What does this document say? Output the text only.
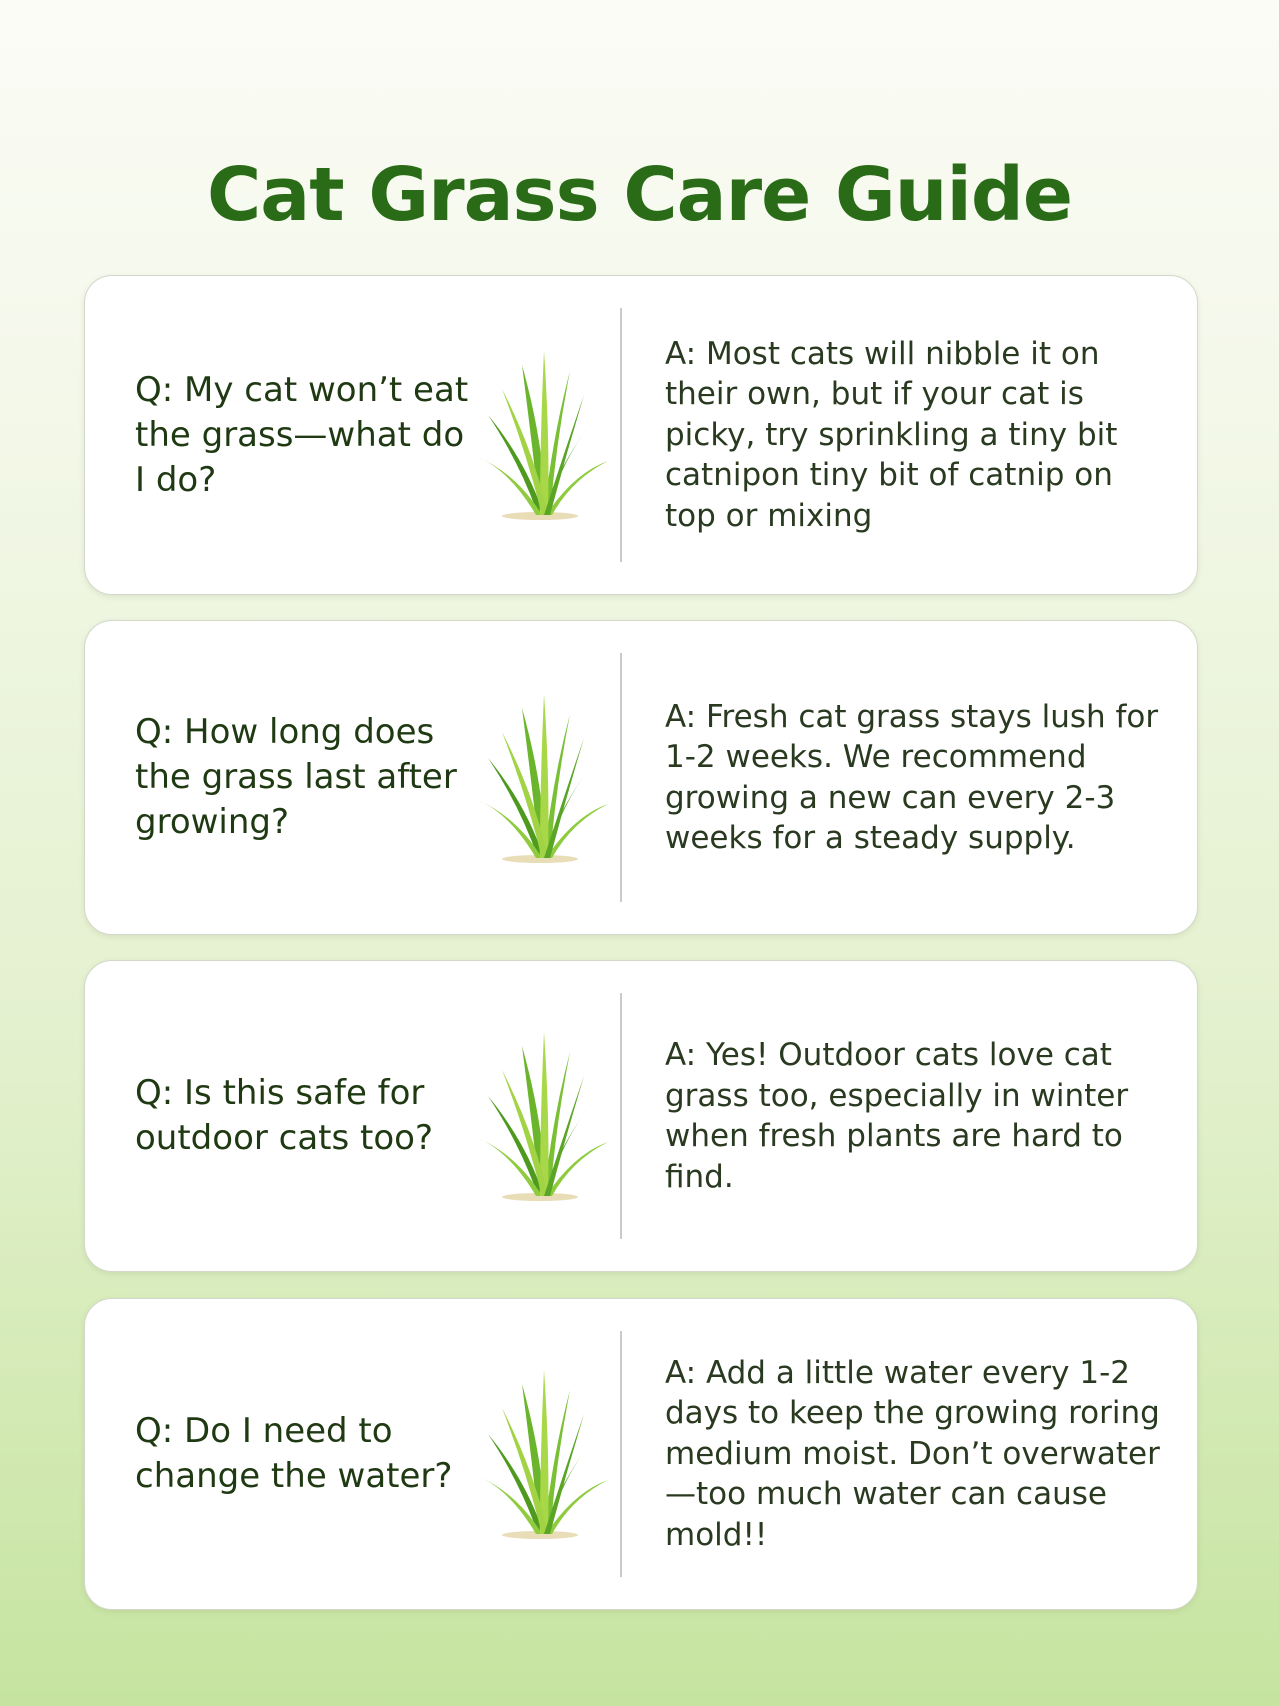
Cat Grass Care Guide
Q: My cat won’t eat the grass—what do I do?
A: Most cats will nibble it on their own, but if your cat is picky, try sprinkling a tiny bit catnipon tiny bit of catnip on top or mixing
Q: How long does the grass last after growing?
A: Fresh cat grass stays lush for 1-2 weeks. We recommend growing a new can every 2-3 weeks for a steady supply.
Q: Is this safe for outdoor cats too?
A: Yes! Outdoor cats love cat grass too, especially in winter when fresh plants are hard to find.
Q: Do I need to change the water?
A: Add a little water every 1-2 days to keep the growing roring medium moist. Don’t overwater—too much water can cause mold!!
